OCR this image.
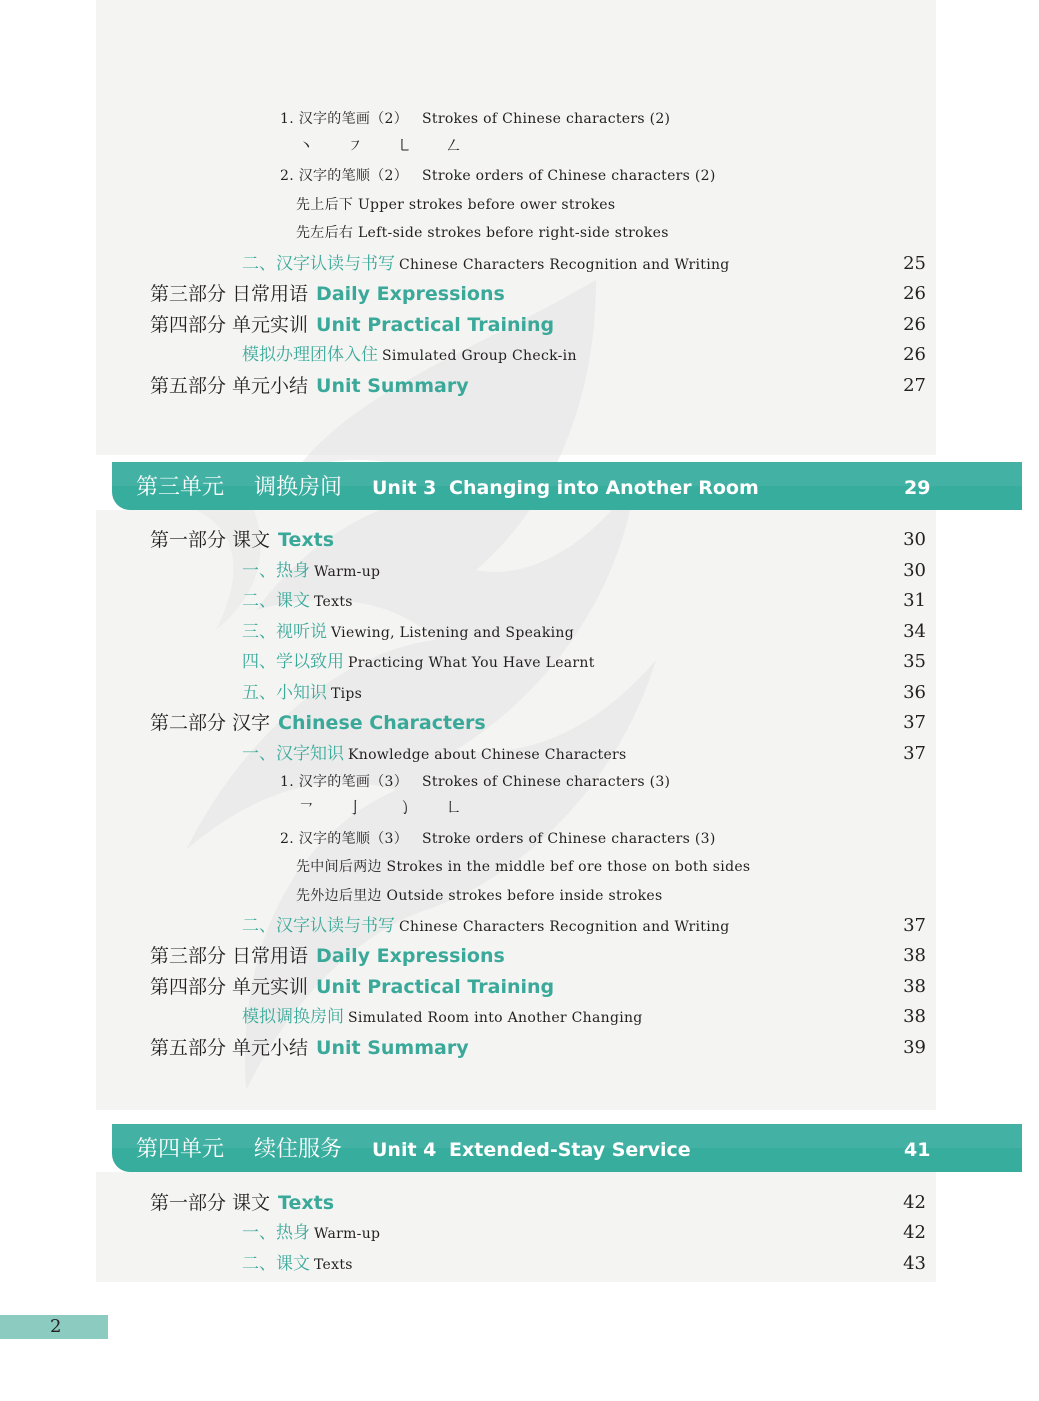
1. 汉字的笔画（2） Strokes of Chinese characters (2)
丶 ㇇ ㇄ ㇜
2. 汉字的笔顺（2） Stroke orders of Chinese characters (2)
先上后下 Upper strokes before ower strokes
先左后右 Left-side strokes before right-side strokes
二、汉字认读与书写 Chinese Characters Recognition and Writing	25
第三部分 日常用语 Daily Expressions	26
第四部分 单元实训 Unit Practical Training	26
模拟办理团体入住 Simulated Group Check-in	26
第五部分 单元小结 Unit Summary	27
第三单元 调换房间 Unit 3 Changing into Another Room	29
第一部分 课文 Texts	30
一、热身 Warm-up	30
二、课文 Texts	31
三、视听说 Viewing, Listening and Speaking	34
四、学以致用 Practicing What You Have Learnt	35
五、小知识 Tips	36
第二部分 汉字 Chinese Characters	37
一、汉字知识 Knowledge about Chinese Characters	37
1. 汉字的笔画（3） Strokes of Chinese characters (3)
㇖ 亅 ㇁ ㇗
2. 汉字的笔顺（3） Stroke orders of Chinese characters (3)
先中间后两边 Strokes in the middle bef ore those on both sides
先外边后里边 Outside strokes before inside strokes
二、汉字认读与书写 Chinese Characters Recognition and Writing	37
第三部分 日常用语 Daily Expressions	38
第四部分 单元实训 Unit Practical Training	38
模拟调换房间 Simulated Room into Another Changing	38
第五部分 单元小结 Unit Summary	39
第四单元 续住服务 Unit 4 Extended-Stay Service	41
第一部分 课文 Texts	42
一、热身 Warm-up	42
二、课文 Texts	43
2
